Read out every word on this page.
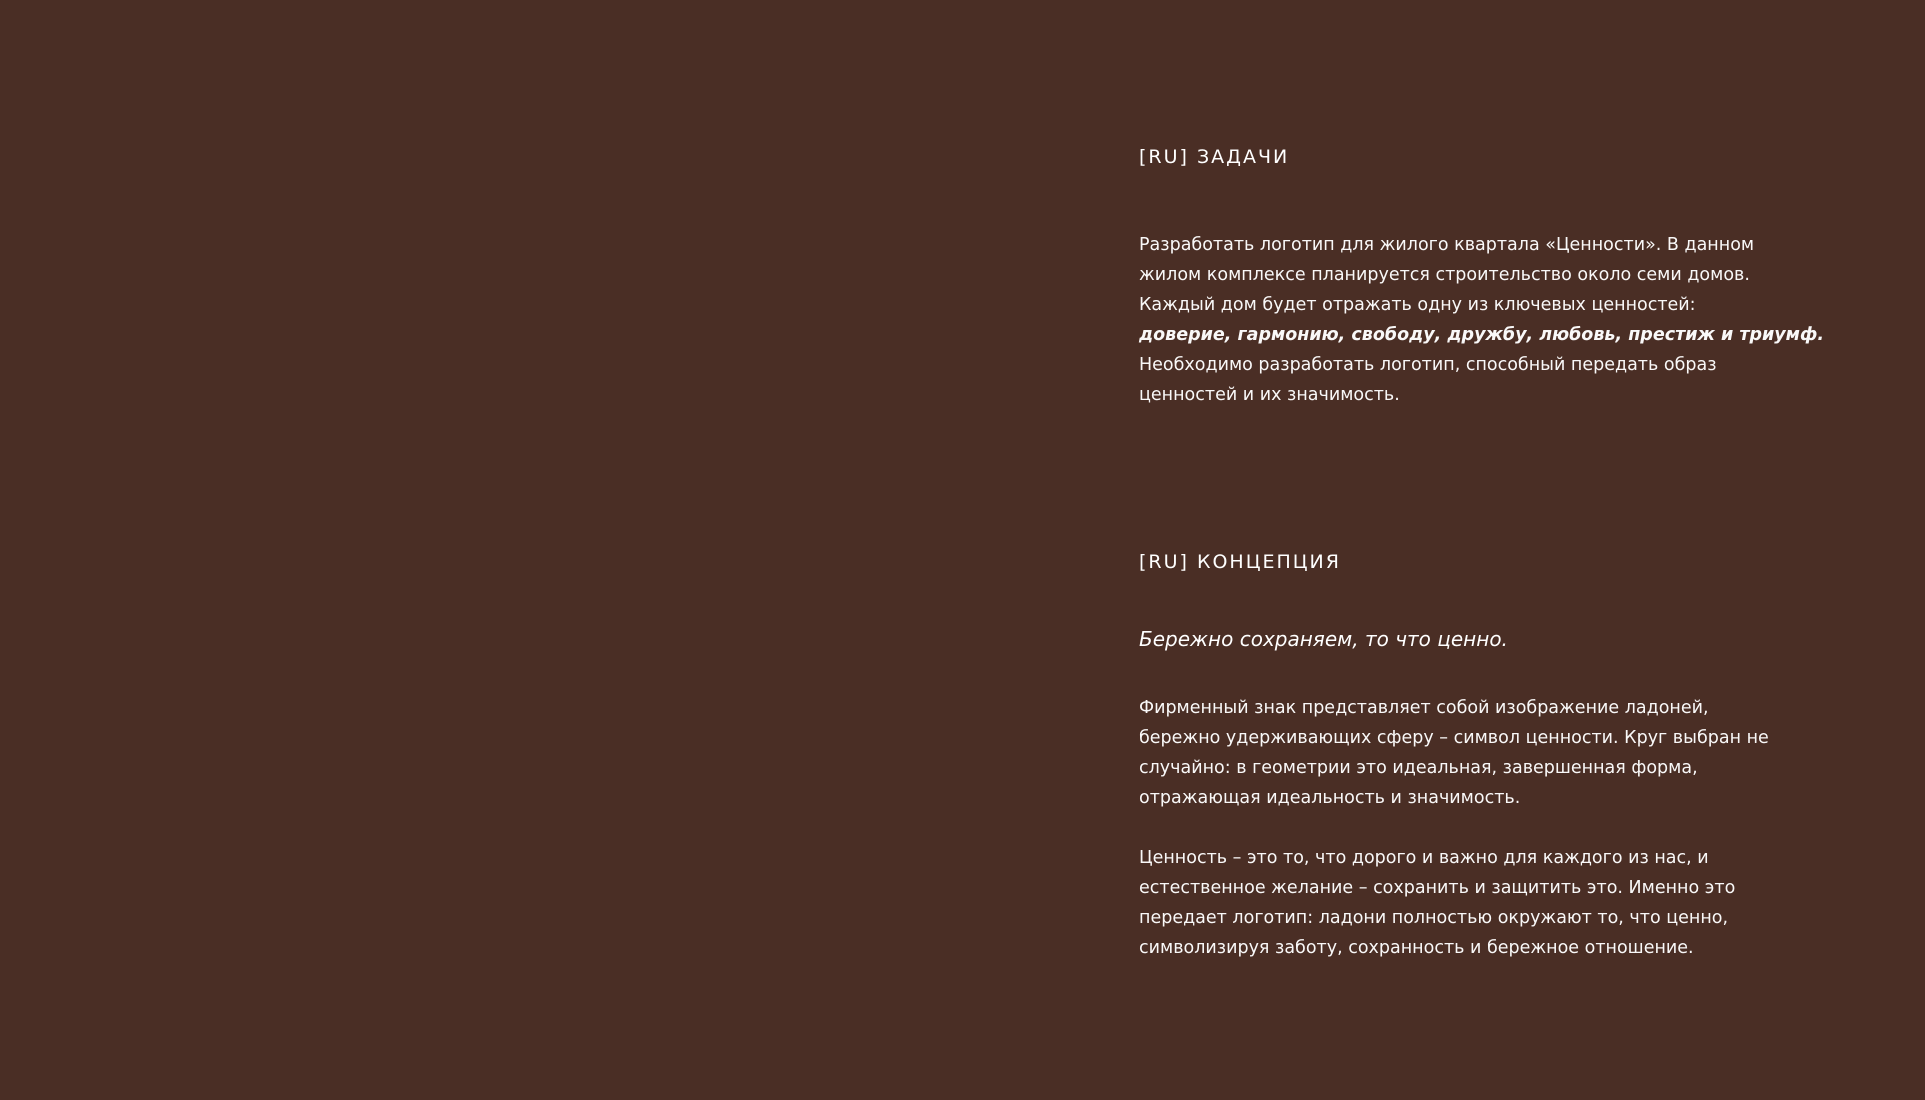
[RU] ЗАДАЧИ

Разработать логотип для жилого квартала «Ценности». В данном
жилом комплексе планируется строительство около семи домов.
Каждый дом будет отражать одну из ключевых ценностей:
доверие, гармонию, свободу, дружбу, любовь, престиж и триумф.
Необходимо разработать логотип, способный передать образ
ценностей и их значимость.

[RU] КОНЦЕПЦИЯ

Бережно сохраняем, то что ценно.

Фирменный знак представляет собой изображение ладоней,
бережно удерживающих сферу – символ ценности. Круг выбран не
случайно: в геометрии это идеальная, завершенная форма,
отражающая идеальность и значимость.

Ценность – это то, что дорого и важно для каждого из нас, и
естественное желание – сохранить и защитить это. Именно это
передает логотип: ладони полностью окружают то, что ценно,
символизируя заботу, сохранность и бережное отношение.
